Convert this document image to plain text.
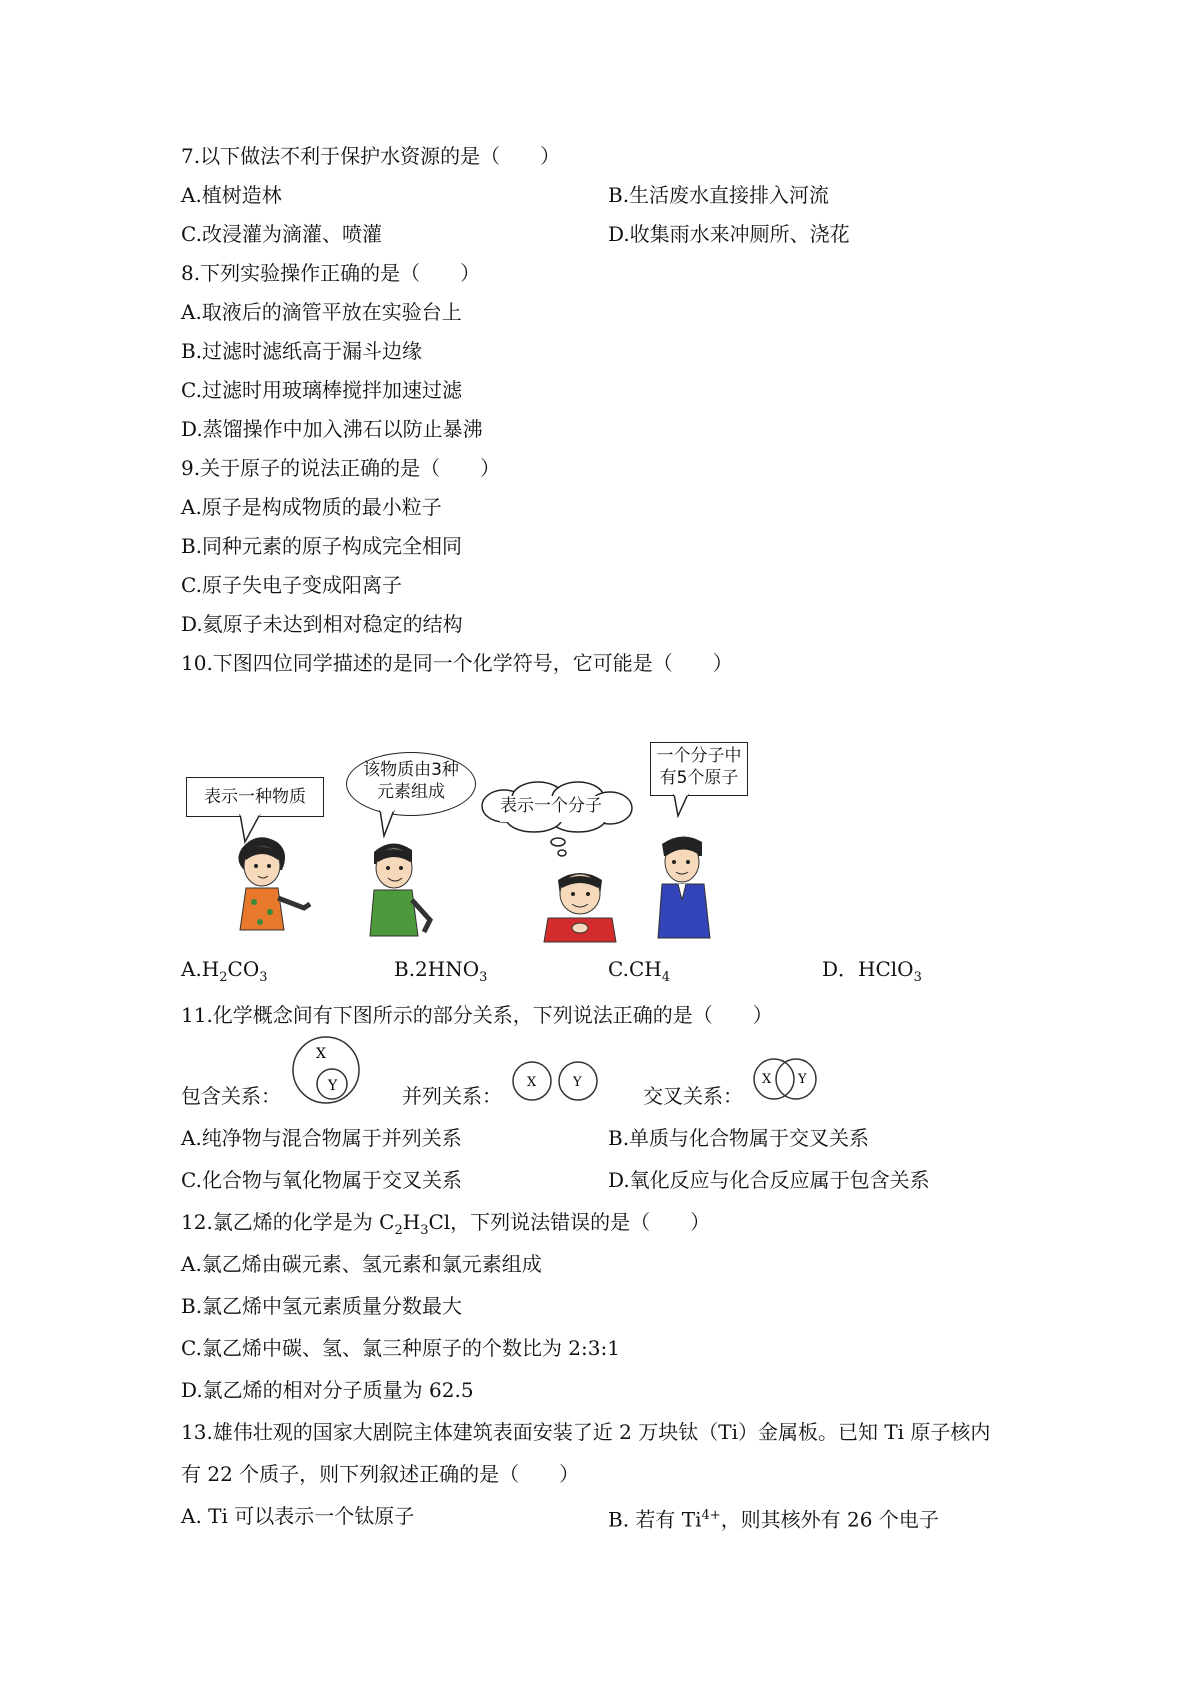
7.以下做法不利于保护水资源的是（　　）
A.植树造林	B.生活废水直接排入河流
C.改浸灌为滴灌、喷灌	D.收集雨水来冲厕所、浇花
8.下列实验操作正确的是（　　）
A.取液后的滴管平放在实验台上
B.过滤时滤纸高于漏斗边缘
C.过滤时用玻璃棒搅拌加速过滤
D.蒸馏操作中加入沸石以防止暴沸
9.关于原子的说法正确的是（　　）
A.原子是构成物质的最小粒子
B.同种元素的原子构成完全相同
C.原子失电子变成阳离子
D.氦原子未达到相对稳定的结构
10.下图四位同学描述的是同一个化学符号，它可能是（　　）
表示一种物质
该物质由3种
元素组成
表示一个分子
一个分子中
有5个原子
$A.H_2CO_3$	$B.2HNO_3$	$C.CH_4$	D．HClO$_3$
11.化学概念间有下图所示的部分关系，下列说法正确的是（　　）
包含关系：
X
Y	并列关系：
X	Y
交叉关系：
X Y
A.纯净物与混合物属于并列关系	B.单质与化合物属于交叉关系
C.化合物与氧化物属于交叉关系	D.氧化反应与化合反应属于包含关系
12.氯乙烯的化学是为 $C_2H_3Cl$，下列说法错误的是（　　）
A.氯乙烯由碳元素、氢元素和氯元素组成
B.氯乙烯中氢元素质量分数最大
C.氯乙烯中碳、氢、氯三种原子的个数比为 2:3:1
D.氯乙烯的相对分子质量为 62.5
13.雄伟壮观的国家大剧院主体建筑表面安装了近 2 万块钛（Ti）金属板。已知 Ti 原子核内
有 22 个质子，则下列叙述正确的是（　　）
A. Ti 可以表示一个钛原子	B. 若有 $Ti^{4+}$，则其核外有 26 个电子
